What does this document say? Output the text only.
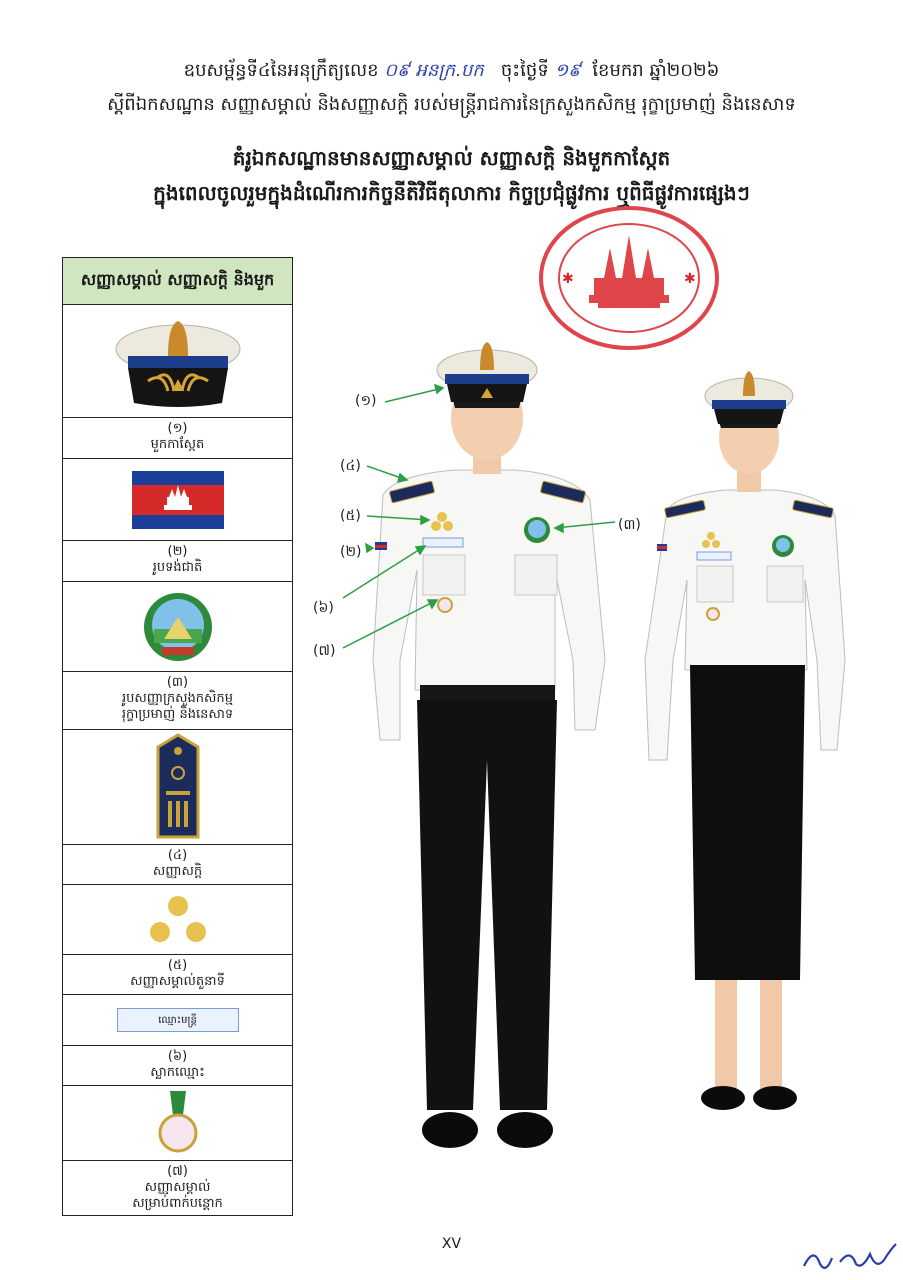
ឧបសម្ព័ន្ធទី៤នៃអនុក្រឹត្យលេខ ០៩ អនក្រ.បក ចុះថ្ងៃទី ១៩ ខែមករា ឆ្នាំ២០២៦
ស្តីពីឯកសណ្ឋាន សញ្ញាសម្គាល់ និងសញ្ញាសក្តិ របស់មន្ត្រីរាជការនៃក្រសួងកសិកម្ម រុក្ខាប្រមាញ់ និងនេសាទ
គំរូឯកសណ្ឋានមានសញ្ញាសម្គាល់ សញ្ញាសក្តិ និងមួកកាស្កែត
ក្នុងពេលចូលរួមក្នុងដំណើរការកិច្ចនីតិវិធីតុលាការ កិច្ចប្រជុំផ្លូវការ ឬពិធីផ្លូវការផ្សេងៗ
✱	✱
សញ្ញាសម្គាល់ សញ្ញាសក្តិ និងមួក
(១)
មួកកាស្កែត
(២)
រូបទង់ជាតិ
(៣)
រូបសញ្ញាក្រសួងកសិកម្ម
រុក្ខាប្រមាញ់ និងនេសាទ
(៤)
សញ្ញាសក្តិ
(៥)
សញ្ញាសម្គាល់តួនាទី
ឈ្មោះមន្ត្រី
(៦)
ស្លាកឈ្មោះ
(៧)
សញ្ញាសម្គាល់
សម្រាប់ពាក់បន្តោក
(១)
(៤)
(៥)
(២)
(៦)
(៧)
(៣)
XV
